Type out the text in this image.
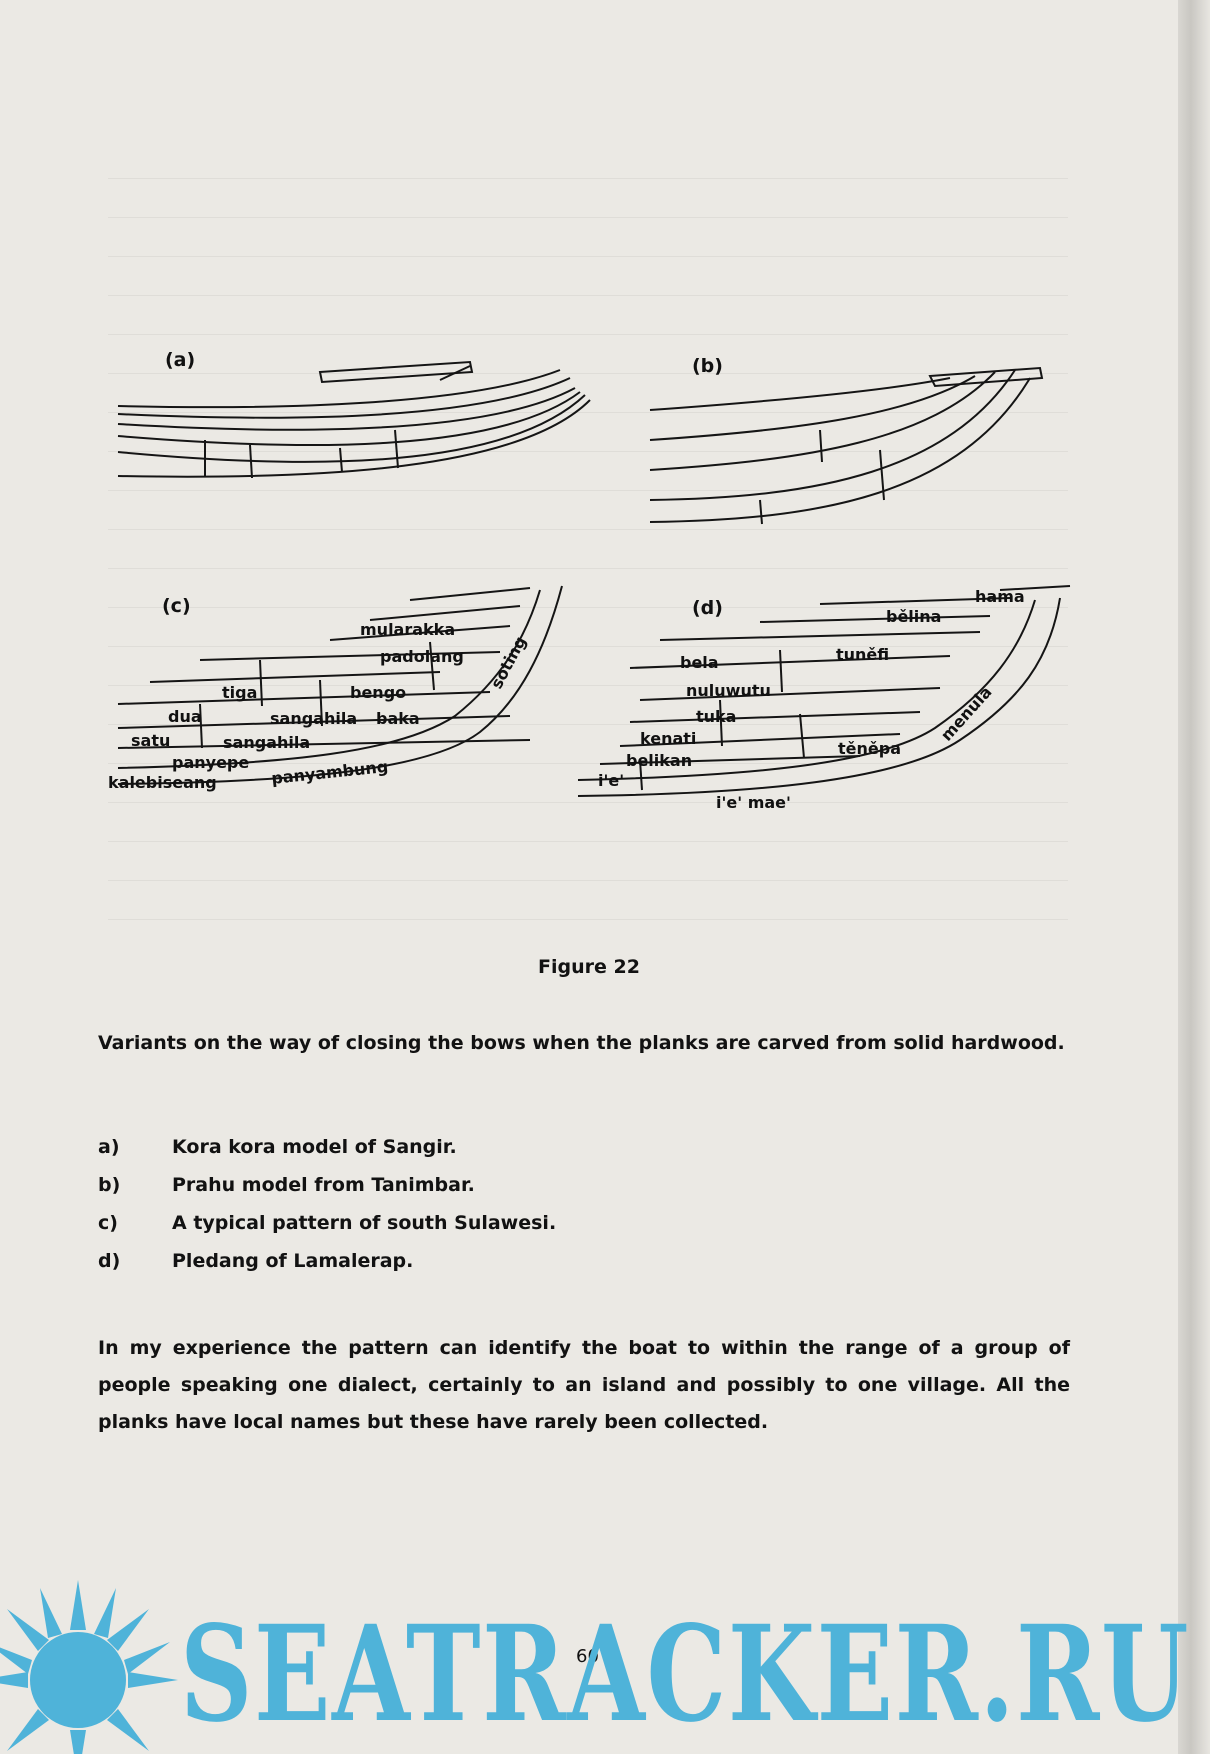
(a)	(b)
(c)
mularakka
padolang soting
tiga	bengo
dua	sangahila baka
satu	sangahila
panyepe
kalebiseang	panyambung
(d)
hama
bělina
tuněfi
bela
nuluwutu
tuka
kenati
těněpa
belikan
menula
i'e'
i'e' mae'
Figure 22
Variants on the way of closing the bows when the planks are carved from solid hardwood.
a)	Kora kora model of Sangir.
b)	Prahu model from Tanimbar.
c)	A typical pattern of south Sulawesi.
d)	Pledang of Lamalerap.
In my experience the pattern can identify the boat to within the range of a group of people speaking one dialect, certainly to an island and possibly to one village. All the planks have local names but these have rarely been collected.
60
SEATRACKER.RU
